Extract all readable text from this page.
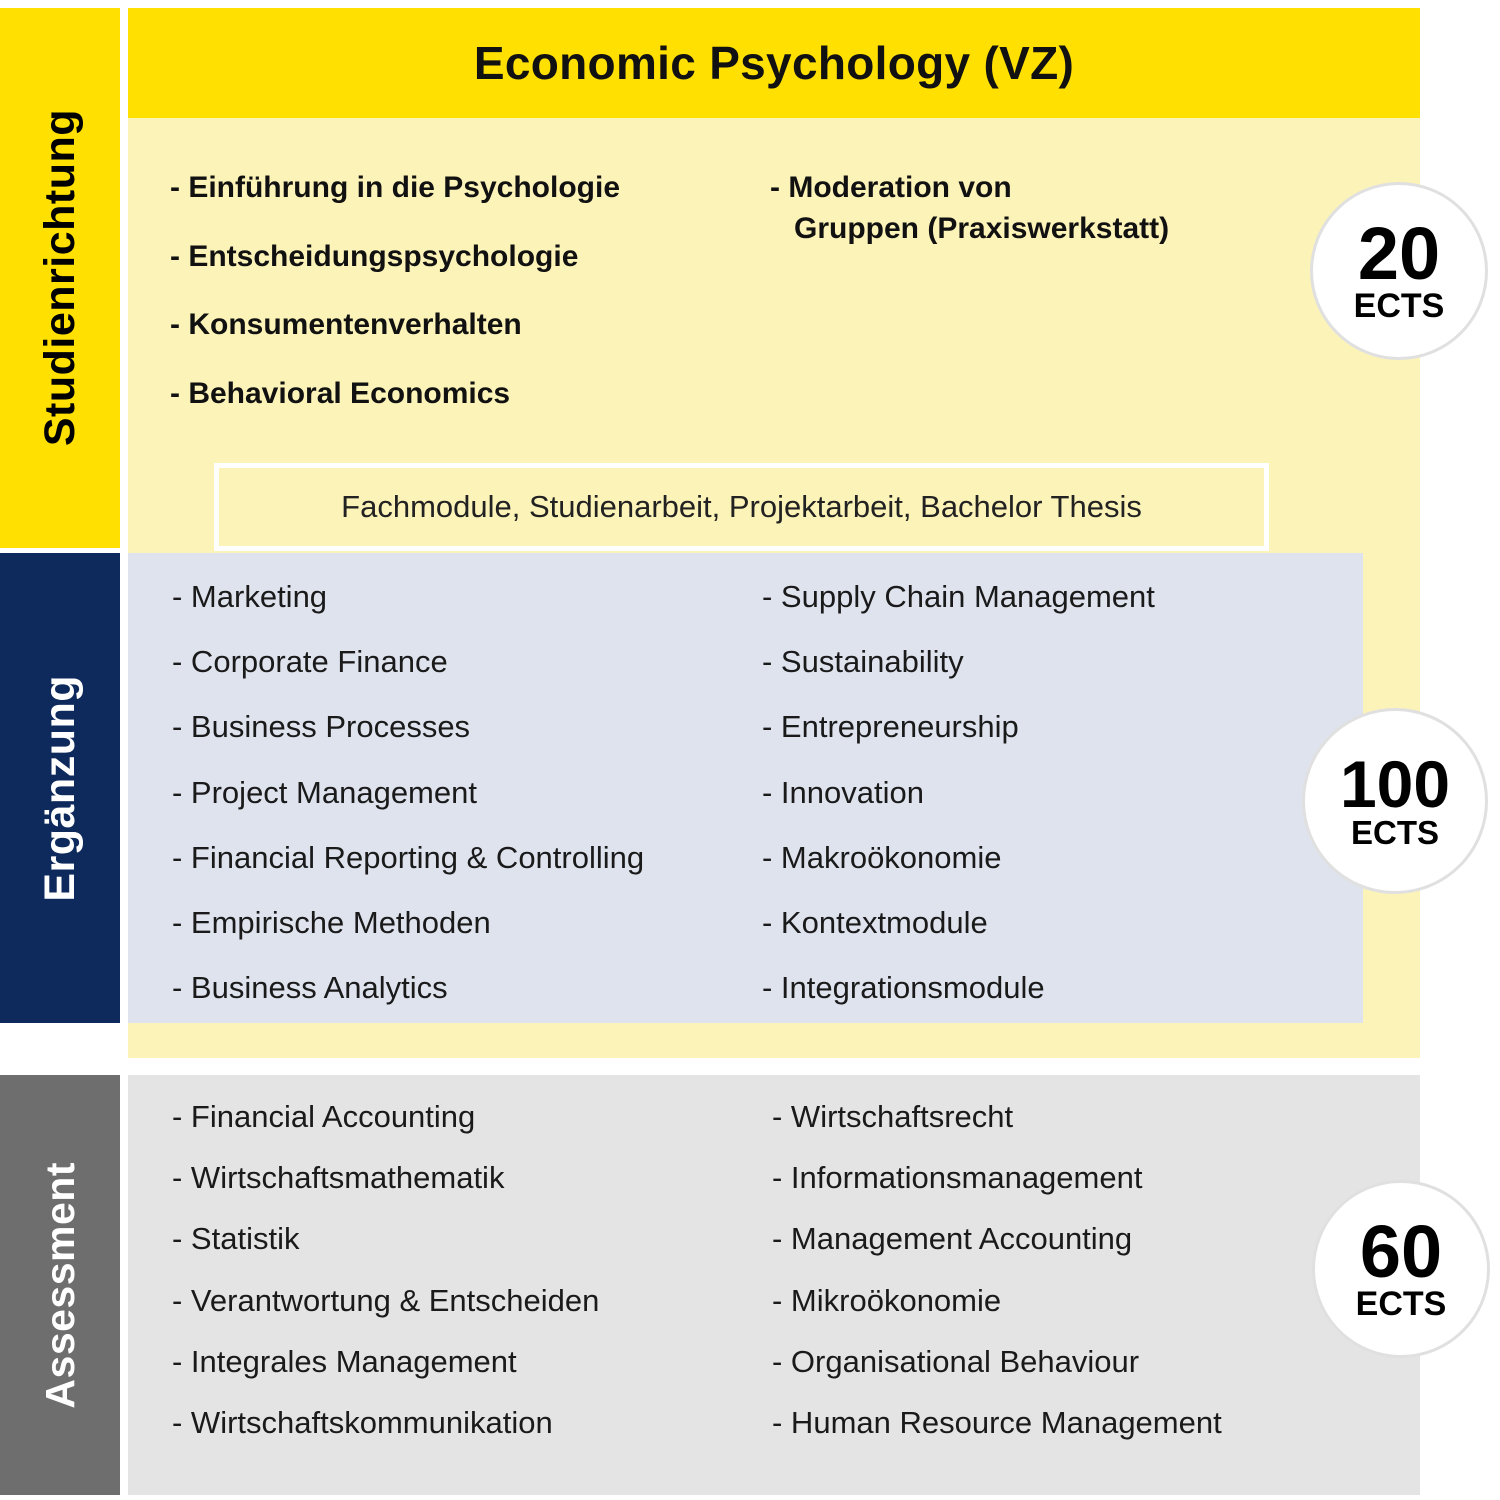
Economic Psychology (VZ)
Studienrichtung
Ergänzung
Assessment
- Einführung in die Psychologie
- Entscheidungspsychologie
- Konsumentenverhalten
- Behavioral Economics
- Moderation von
Gruppen (Praxiswerkstatt)
- Marketing
- Corporate Finance
- Business Processes
- Project Management
- Financial Reporting & Controlling
- Empirische Methoden
- Business Analytics
- Supply Chain Management
- Sustainability
- Entrepreneurship
- Innovation
- Makroökonomie
- Kontextmodule
- Integrationsmodule
Fachmodule, Studienarbeit, Projektarbeit, Bachelor Thesis
- Financial Accounting
- Wirtschaftsmathematik
- Statistik
- Verantwortung & Entscheiden
- Integrales Management
- Wirtschaftskommunikation
- Wirtschaftsrecht
- Informationsmanagement
- Management Accounting
- Mikroökonomie
- Organisational Behaviour
- Human Resource Management
20
ECTS
100
ECTS
60
ECTS
